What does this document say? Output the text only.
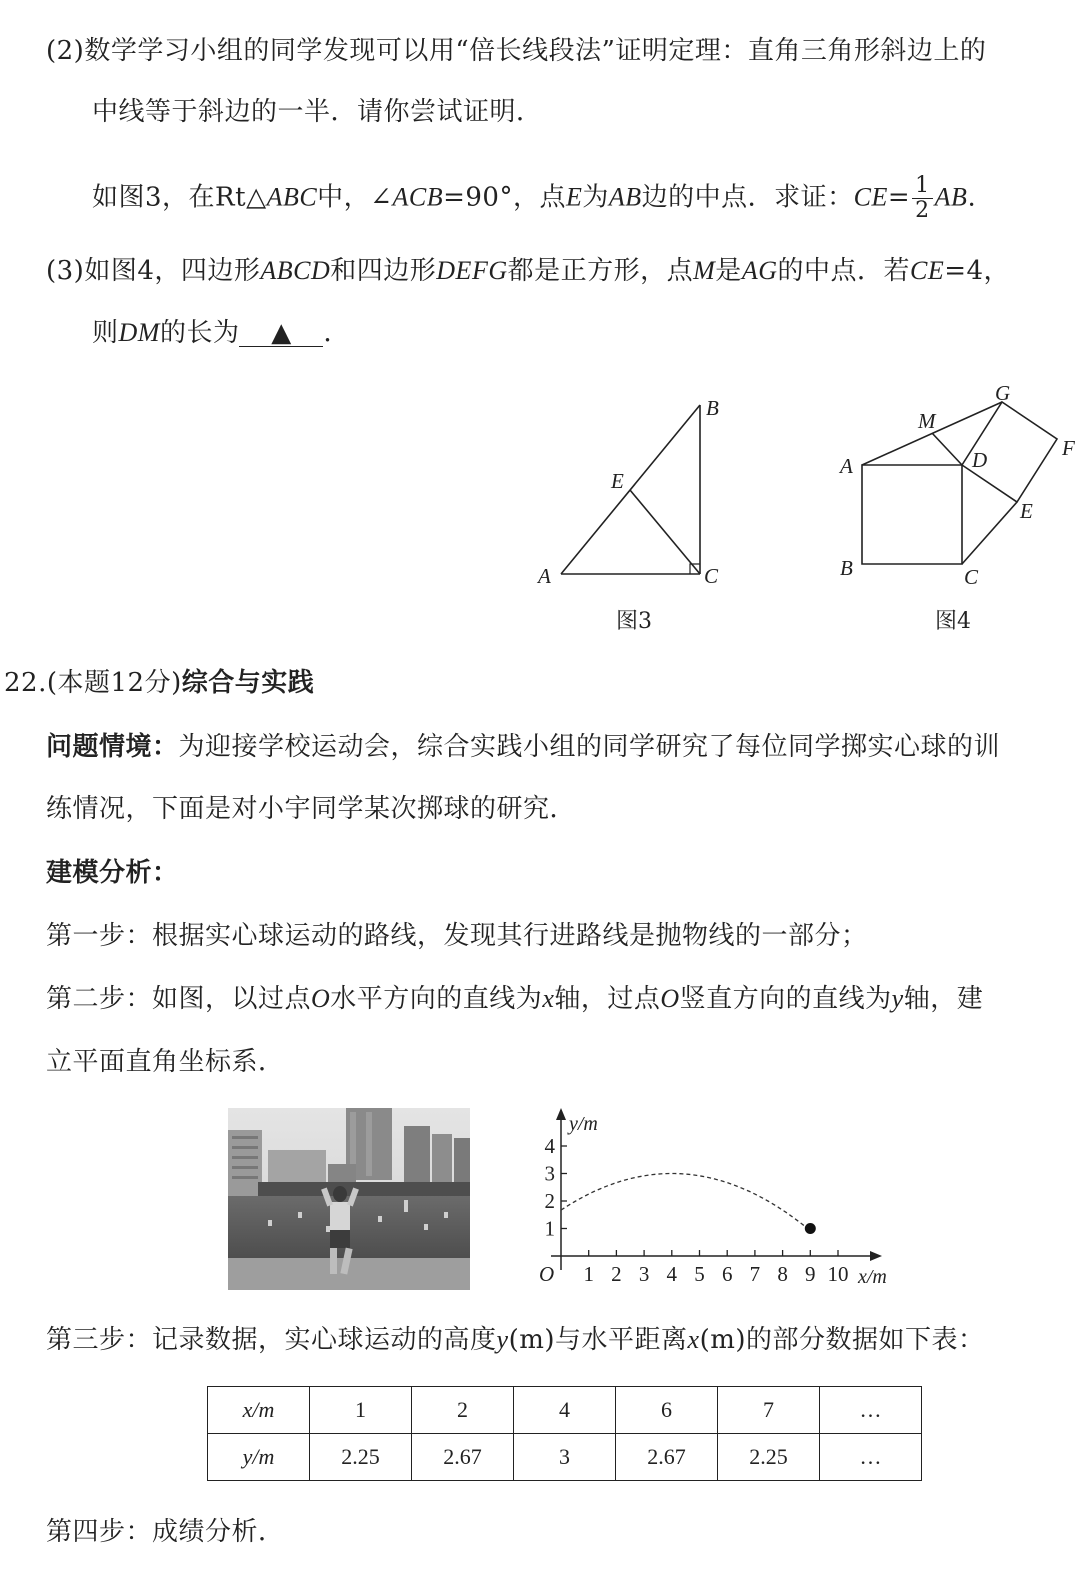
(2)数学学习小组的同学发现可以用“倍长线段法”证明定理：直角三角形斜边上的
中线等于斜边的一半．请你尝试证明．
如图3，在Rt△ABC中，∠ACB=90°，点E为AB边的中点．求证：$CE= \frac{1}{2}$ AB.
(3)如图4，四边形ABCD和四边形DEFG都是正方形，点M是AG的中点．若CE=4，
则DM的长为 ▲ ．
A
B
C
E
图3
A
B	C
D
E
F
G
M
图4
22.(本题12分)综合与实践
问题情境：为迎接学校运动会，综合实践小组的同学研究了每位同学掷实心球的训
练情况，下面是对小宇同学某次掷球的研究．
建模分析：
第一步：根据实心球运动的路线，发现其行进路线是抛物线的一部分；
第二步：如图，以过点O水平方向的直线为x轴，过点O竖直方向的直线为y轴，建
立平面直角坐标系．
1 2 3 4 5 6 7 8 9 10
1
2
3
4
O	x/m
y/m
第三步：记录数据，实心球运动的高度y(m)与水平距离x(m)的部分数据如下表：
x/m	1	2	4	6	7	…
y/m	2.25	2.67	3	2.67	2.25	…
第四步：成绩分析．
